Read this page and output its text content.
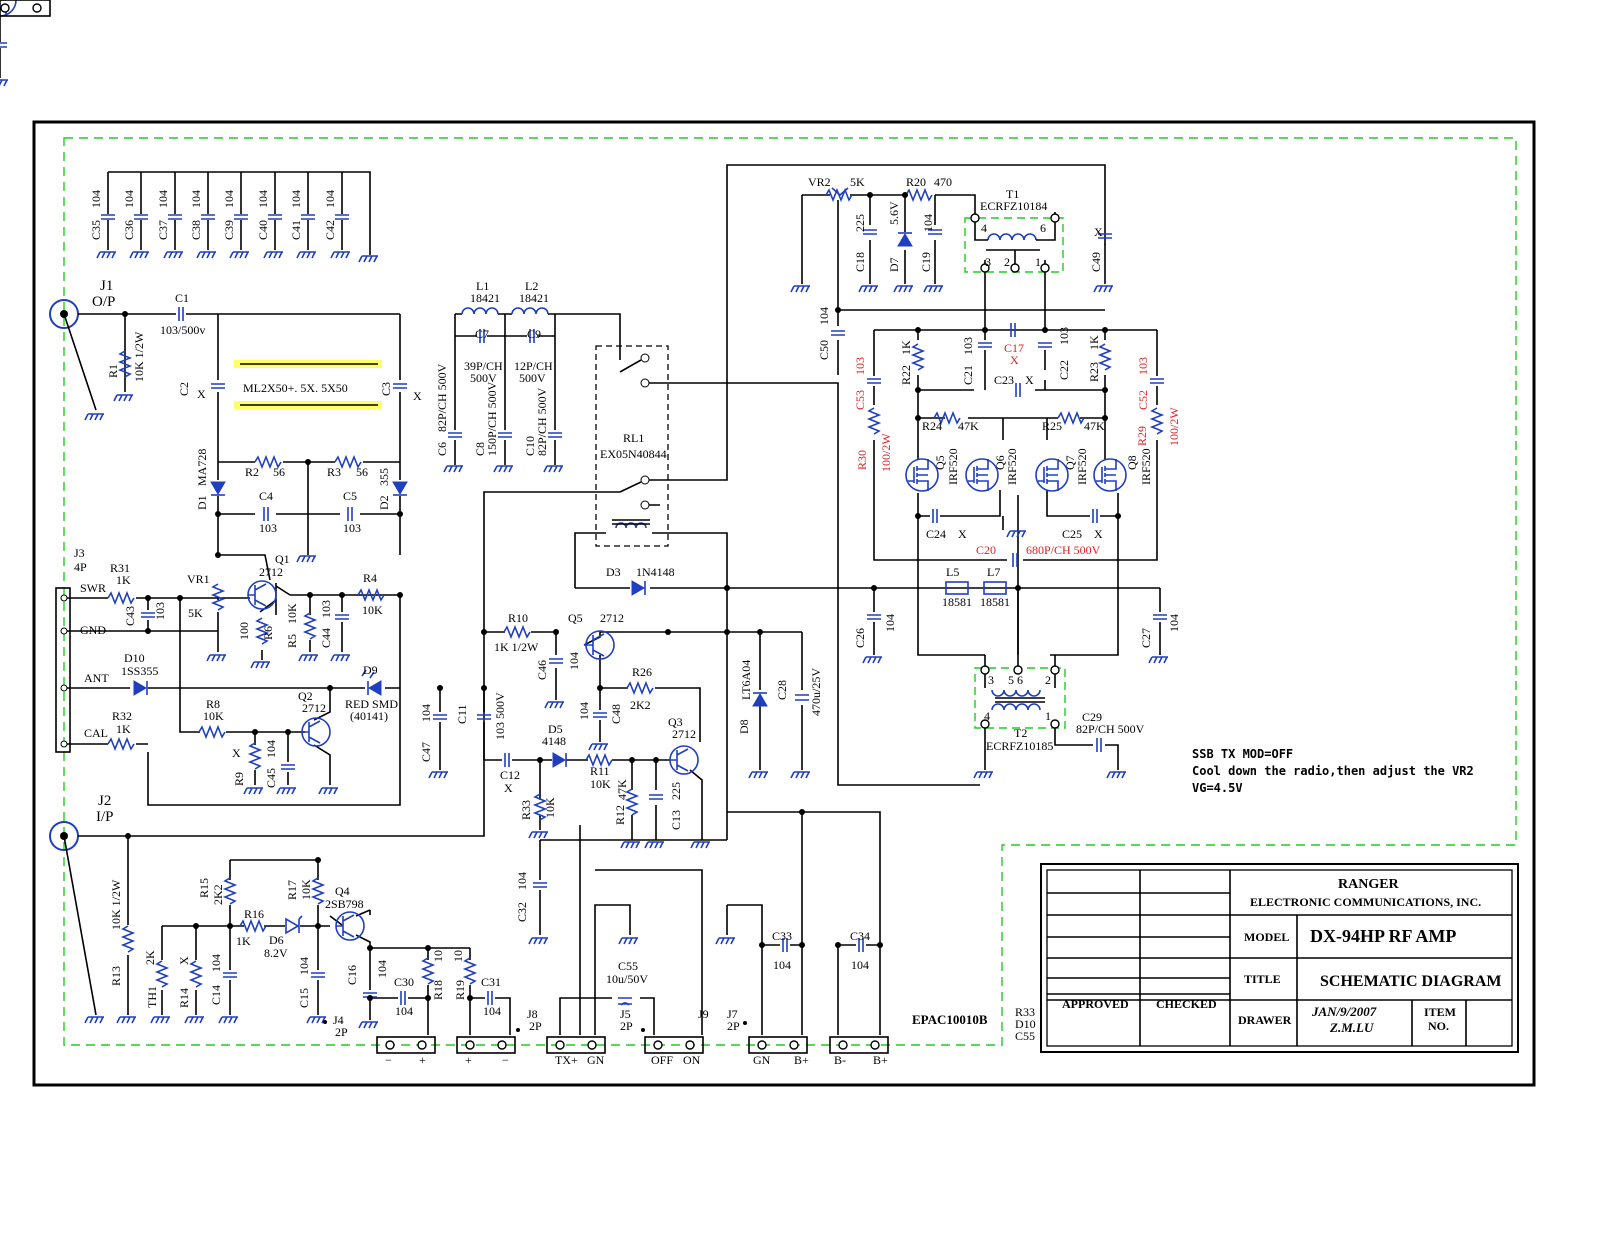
C35
104
C36
104
C37
104
C38
104
C39
104
C40
104
C41
104
C42
104
J1
O/P	C1
103/500v
R1 10K 1/2W
ML2X50+. 5X. 5X50
C2 X	C3 X
R2 56	R3 56
C4	C5
103	103
D1
MA728
D2
355
L1
18421
L2
18421
C7
39P/CH
500V
C9
12P/CH
500V
C6
82P/CH 500V
C8
150P/CH 500V C10
82P/CH 500V	RL1
EX05N40844
J3
4P
SWR
GND
ANT
CAL
R31
1K
C43 103
VR1
5K
Q1
2712
100 R6
R5
10K
C44
103
R4
10K
D10
1SS355	D9
RED SMD
(40141)
R8
10K
R9
X
C45
104
Q2
2712
R32
1K
J2
I/P
R13
10K 1/2W
D3 1N4148
R10
1K 1/2W
Q5 2712
C46 104
R26
2K2
104 C48
C47
104 C11 103 500V
C12
X
D5
4148
R11
10K
R33 10K	R12
47K
C13
225
Q3
2712	D8
LT6A04 C28 470u/25V
VR2 5K	R20 470
C18
225
D7
5.6V
C19
104
T1
ECRFZ10184
4	6
3 2 1	C49
X
C50
104
R22
1K
C21
103 C17
X
C23 X C22
103
R23
1K
C53
103
C52
103
R24 47K	R25 47K
R30 100/2W	R29 100/2W
Q5 IRF520	Q6
IRF520	Q7
IRF520	Q8 IRF520
C24 X	C25 X
C20 680P/CH 500V
L5 L7
18581 18581
C26
104
C27
104
3 5 6 2
4	1
T2
ECRFZ10185
C29
82P/CH 500V
SSB TX MOD=OFF
Cool down the radio,then adjust the VR2
VG=4.5V
R15 2K2	R17 10K Q4
2SB798
R16
1K D6
8.2V
TH1
2K
R14
X
C14
104
C15
104	C16 104
C30
104
R18
10
R19
10
C31
104
C32
104
C33
104
C34
104
C55
10u/50V
J4
2P
− +
J8
2P
+	−
J5
2P
TX+ GN
J9
OFF ON
J7
2P
GN B+ B- B+
EPAC10010B R33
D10
C55
RANGER
ELECTRONIC COMMUNICATIONS, INC.
MODEL DX-94HP RF AMP
TITLE SCHEMATIC DIAGRAM
APPROVED CHECKED
DRAWER
JAN/9/2007
Z.M.LU
ITEM
NO.
